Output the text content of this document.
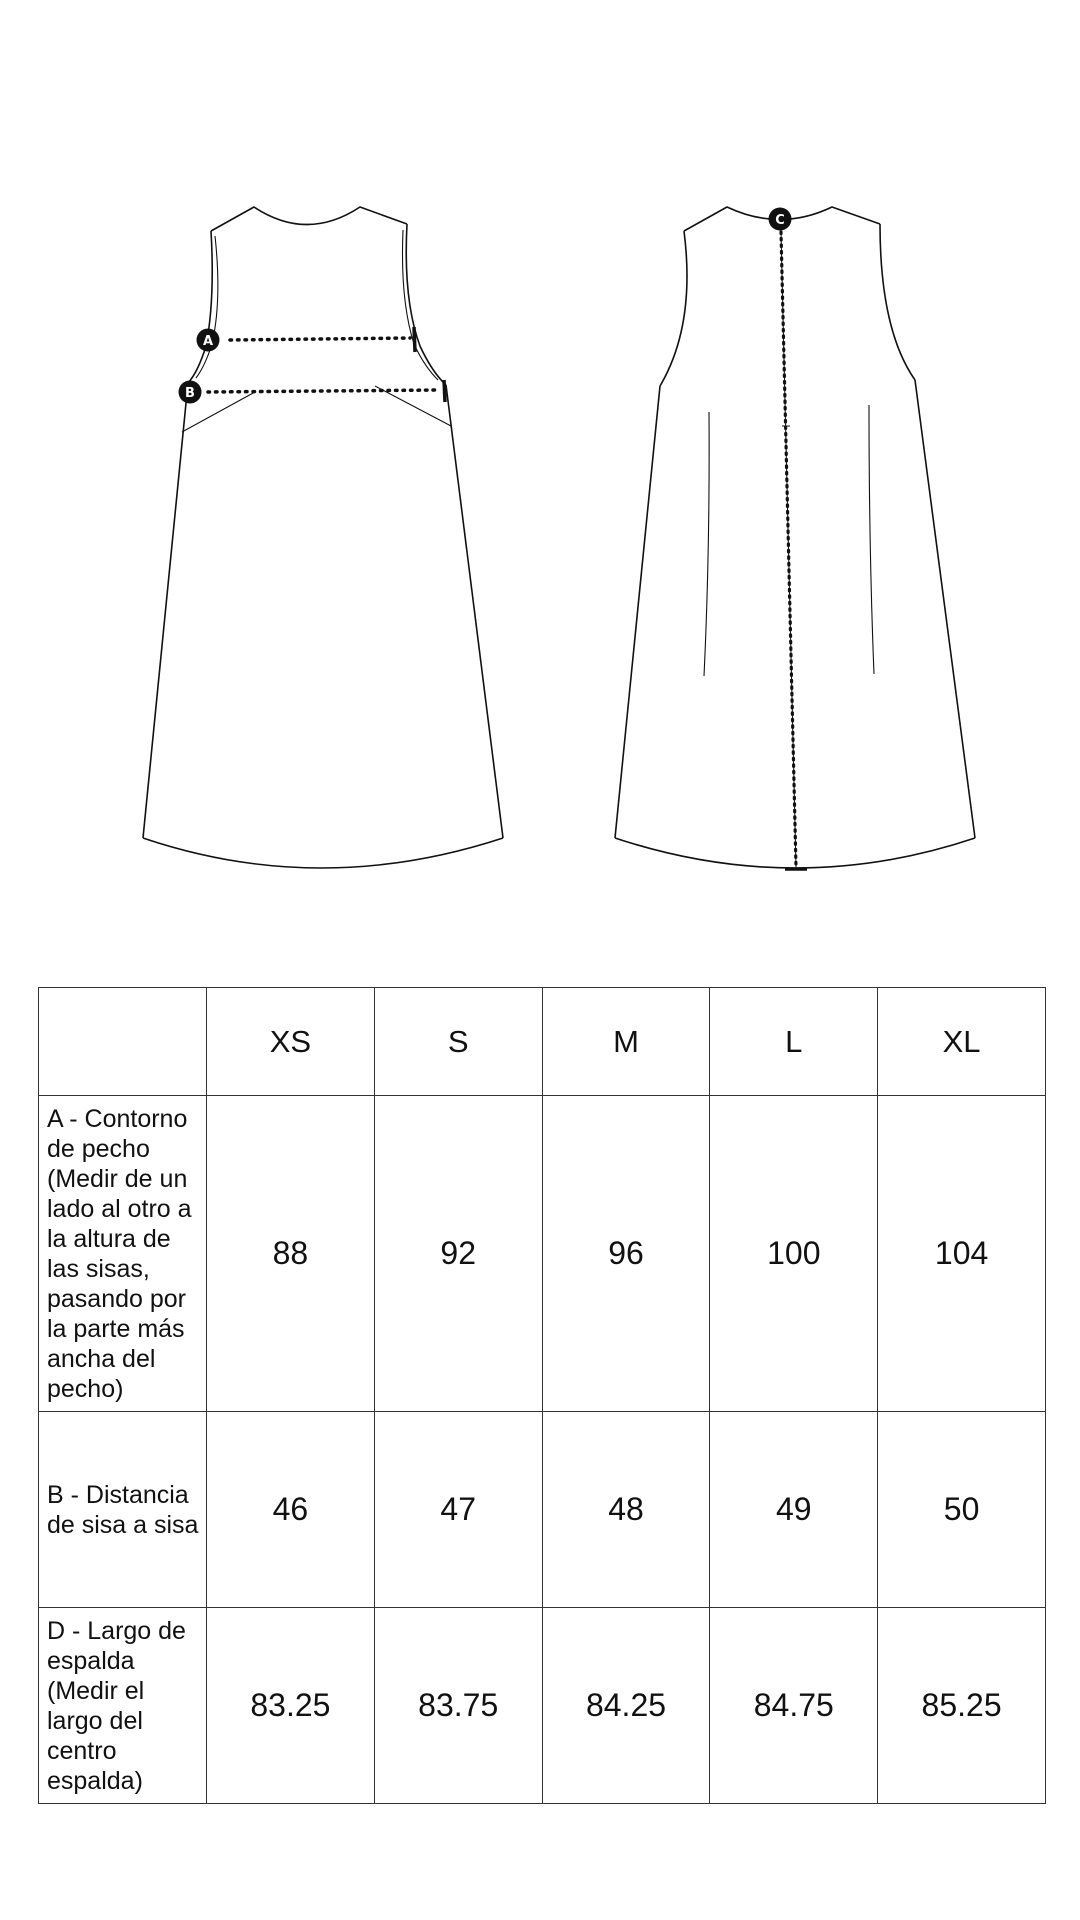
A
B
C
	XS	S	M	L	XL
A - Contorno de pecho (Medir de un lado al otro a la altura de las sisas, pasando por la parte más ancha del pecho)	88	92	96	100	104
B - Distancia de sisa a sisa	46	47	48	49	50
D - Largo de espalda (Medir el largo del centro espalda)	83.25	83.75	84.25	84.75	85.25
